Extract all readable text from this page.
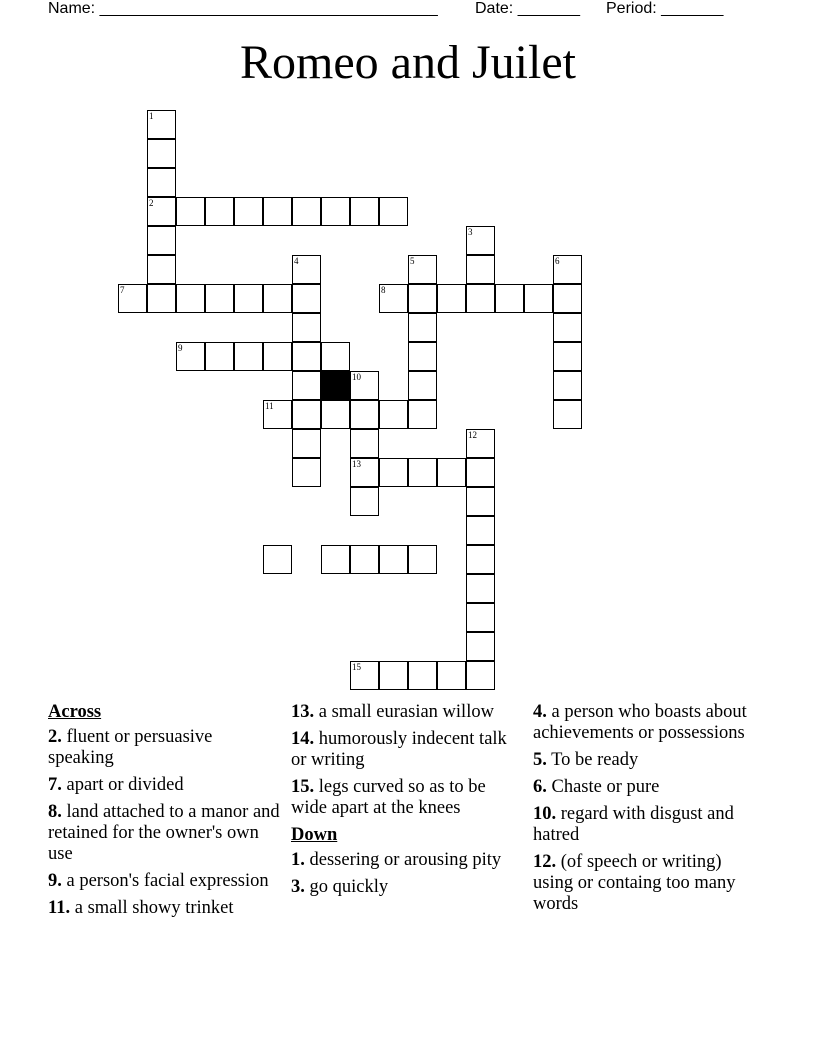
Name: ______________________________________ Date: _______ Period: _______
Romeo and Juilet
1
2
3
4	5	6
7	8
9
10
13
11
12
15
Across
2. fluent or persuasive speaking
7. apart or divided
8. land attached to a manor and retained for the owner's own use
9. a person's facial expression
11. a small showy trinket
13. a small eurasian willow
14. humorously indecent talk or writing
15. legs curved so as to be wide apart at the knees
Down
1. dessering or arousing pity
3. go quickly
4. a person who boasts about achievements or possessions
5. To be ready
6. Chaste or pure
10. regard with disgust and hatred
12. (of speech or writing) using or containg too many words
